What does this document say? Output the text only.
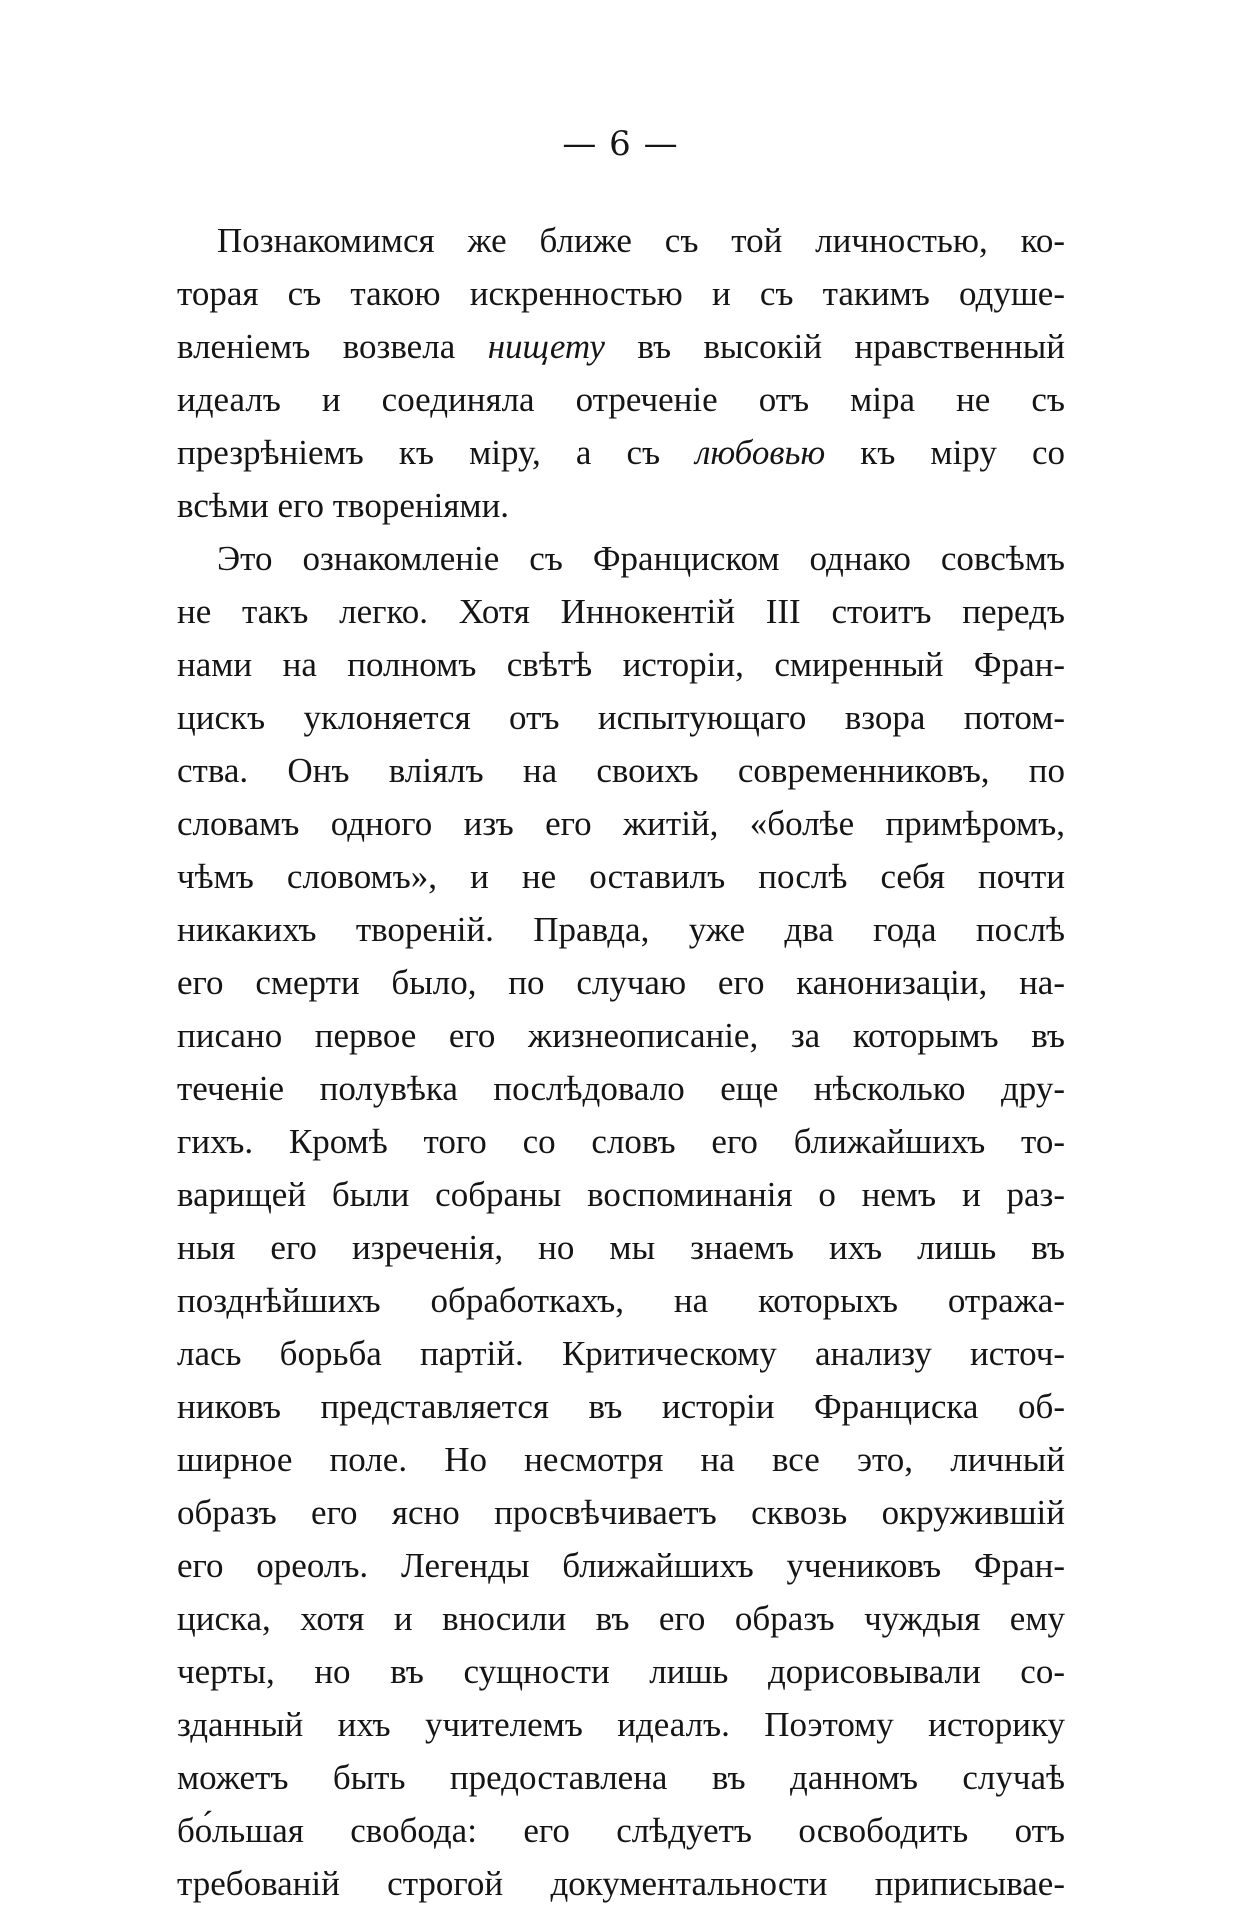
— 6 —
Познакомимся же ближе съ той личностью, ко-
торая съ такою искренностью и съ такимъ одуше-
вленіемъ возвела нищету въ высокій нравственный
идеалъ и соединяла отреченіе отъ міра не съ
презрѣніемъ къ міру, а съ любовью къ міру со
всѣми его твореніями.
Это ознакомленіе съ Франциском однако совсѣмъ
не такъ легко. Хотя Иннокентій III стоитъ передъ
нами на полномъ свѣтѣ исторіи, смиренный Фран-
цискъ уклоняется отъ испытующаго взора потом-
ства. Онъ вліялъ на своихъ современниковъ, по
словамъ одного изъ его житій, «болѣе примѣромъ,
чѣмъ словомъ», и не оставилъ послѣ себя почти
никакихъ твореній. Правда, уже два года послѣ
его смерти было, по случаю его канонизаціи, на-
писано первое его жизнеописаніе, за которымъ въ
теченіе полувѣка послѣдовало еще нѣсколько дру-
гихъ. Кромѣ того со словъ его ближайшихъ то-
варищей были собраны воспоминанія о немъ и раз-
ныя его изреченія, но мы знаемъ ихъ лишь въ
позднѣйшихъ обработкахъ, на которыхъ отража-
лась борьба партій. Критическому анализу источ-
никовъ представляется въ исторіи Франциска об-
ширное поле. Но несмотря на все это, личный
образъ его ясно просвѣчиваетъ сквозь окружившій
его ореолъ. Легенды ближайшихъ учениковъ Фран-
циска, хотя и вносили въ его образъ чуждыя ему
черты, но въ сущности лишь дорисовывали со-
зданный ихъ учителемъ идеалъ. Поэтому историку
можетъ быть предоставлена въ данномъ случаѣ
бо́льшая свобода: его слѣдуетъ освободить отъ
требованій строгой документальности приписывае-
